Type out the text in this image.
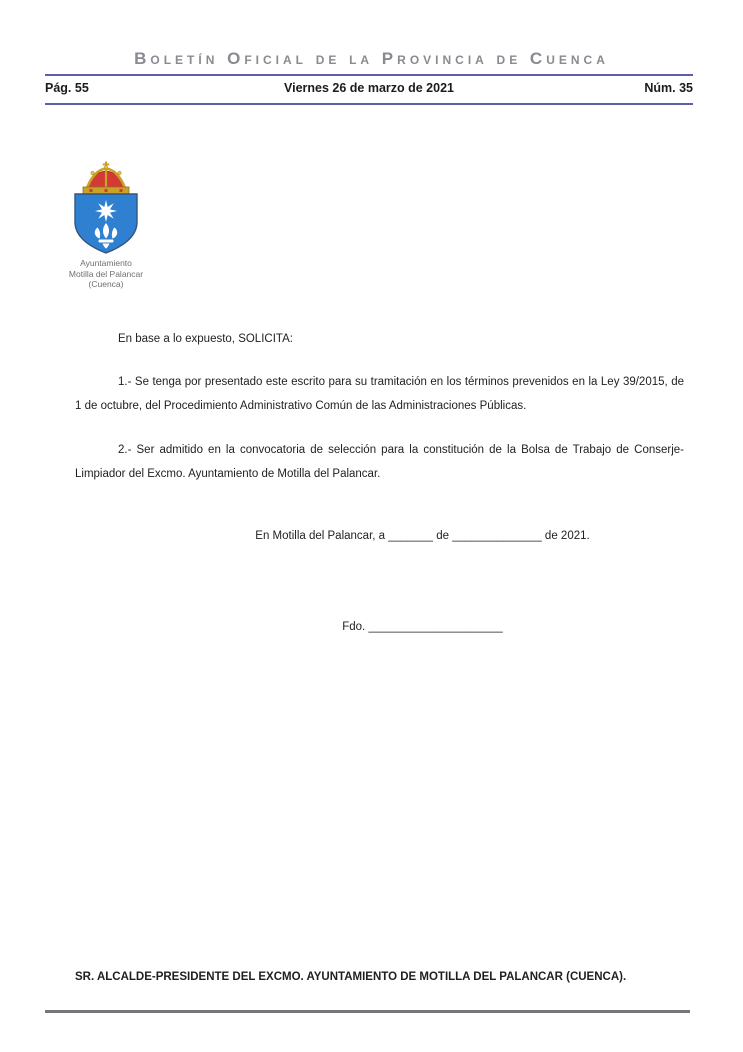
Boletín Oficial de la Provincia de Cuenca
Pág. 55	Viernes 26 de marzo de 2021	Núm. 35
Ayuntamiento
Motilla del Palancar
(Cuenca)
En base a lo expuesto, SOLICITA:
1.- Se tenga por presentado este escrito para su tramitación en los términos prevenidos en la Ley 39/2015, de 1 de octubre, del Procedimiento Administrativo Común de las Administraciones Públicas.
2.- Ser admitido en la convocatoria de selección para la constitución de la Bolsa de Trabajo de Conserje-Limpiador del Excmo. Ayuntamiento de Motilla del Palancar.
En Motilla del Palancar, a _______ de ______________ de 2021.
Fdo. _____________________
SR. ALCALDE-PRESIDENTE DEL EXCMO. AYUNTAMIENTO DE MOTILLA DEL PALANCAR (CUENCA).
